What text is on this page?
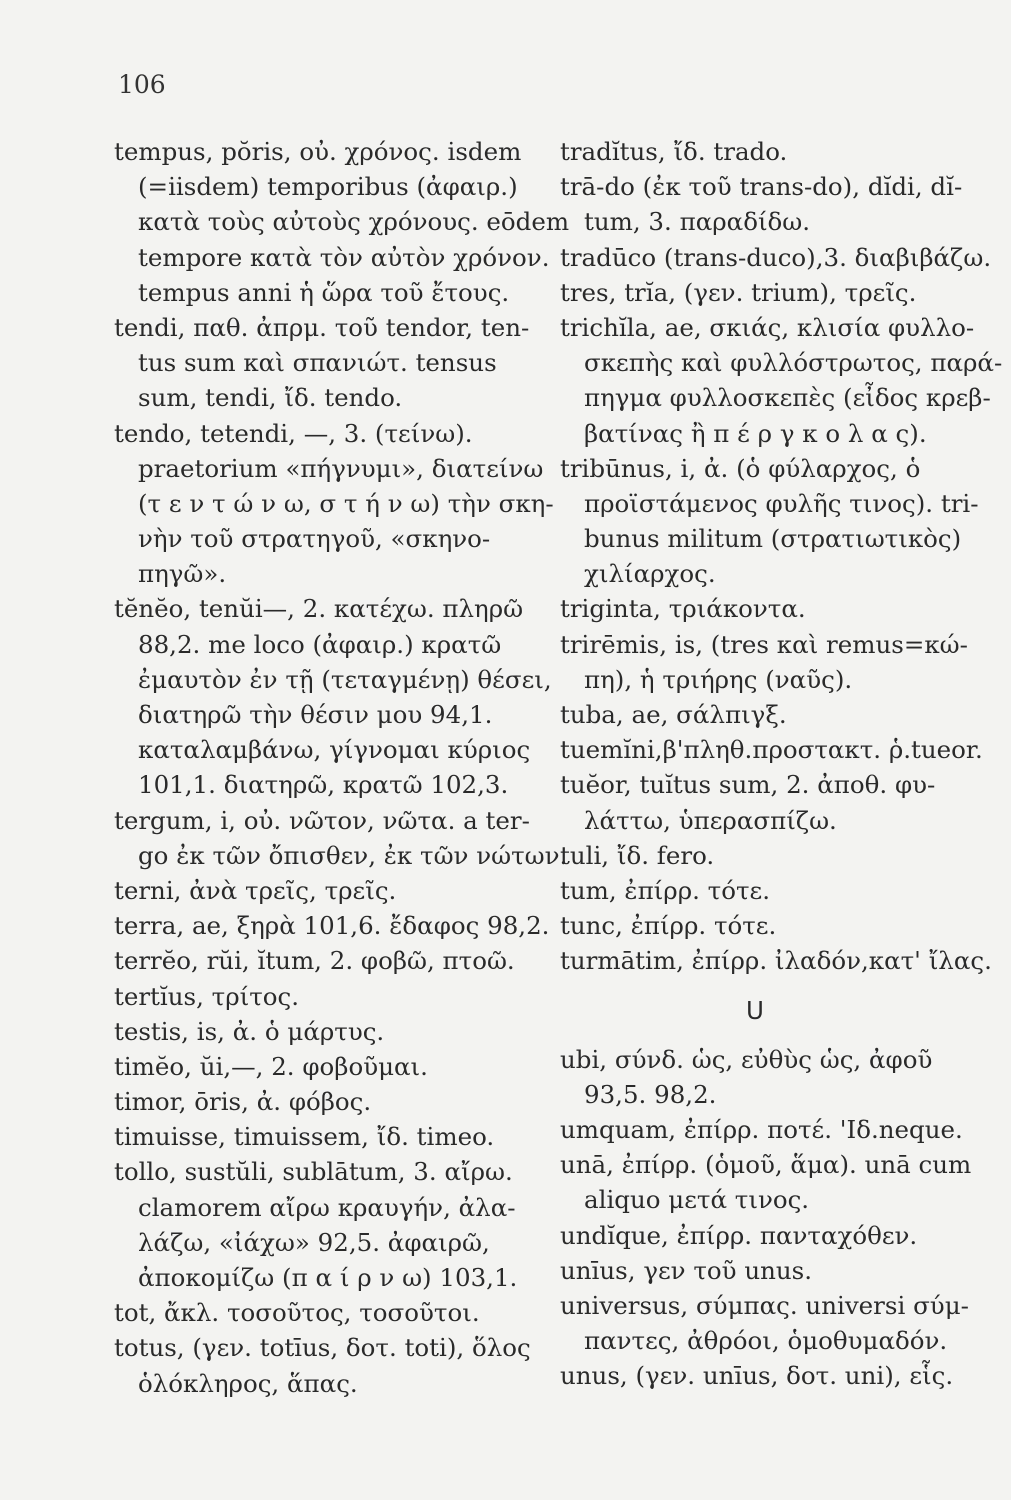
106
tempus, pŏris, οὐ. χρόνος. isdem
(=iisdem) temporibus (ἀφαιρ.)
κατὰ τοὺς αὐτοὺς χρόνους. eōdem
tempore κατὰ τὸν αὐτὸν χρόνον.
tempus anni ἡ ὥρα τοῦ ἔτους.
tendi, παθ. ἀπρμ. τοῦ tendor, ten-
tus sum καὶ σπανιώτ. tensus
sum, tendi, ἴδ. tendo.
tendo, tetendi, —, 3. (τείνω).
praetorium «πήγνυμι», διατείνω
(τ ε ν τ ώ ν ω, σ τ ή ν ω) τὴν σκη-
νὴν τοῦ στρατηγοῦ, «σκηνο-
πηγῶ».
tĕnĕo, tenŭi—, 2. κατέχω. πληρῶ
88,2. me loco (ἀφαιρ.) κρατῶ
ἐμαυτὸν ἐν τῇ (τεταγμένῃ) θέσει,
διατηρῶ τὴν θέσιν μου 94,1.
καταλαμβάνω, γίγνομαι κύριος
101,1. διατηρῶ, κρατῶ 102,3.
tergum, i, οὐ. νῶτον, νῶτα. a ter-
go ἐκ τῶν ὄπισθεν, ἐκ τῶν νώτων.
terni, ἀνὰ τρεῖς, τρεῖς.
terra, ae, ξηρὰ 101,6. ἔδαφος 98,2.
terrĕo, rŭi, ĭtum, 2. φοβῶ, πτοῶ.
tertĭus, τρίτος.
testis, is, ἀ. ὁ μάρτυς.
timĕo, ŭi,—, 2. φοβοῦμαι.
timor, ōris, ἀ. φόβος.
timuisse, timuissem, ἴδ. timeo.
tollo, sustŭli, sublātum, 3. αἴρω.
clamorem αἴρω κραυγήν, ἀλα-
λάζω, «ἰάχω» 92,5. ἀφαιρῶ,
ἀποκομίζω (π α ί ρ ν ω) 103,1.
tot, ἄκλ. τοσοῦτος, τοσοῦτοι.
totus, (γεν. totīus, δοτ. toti), ὅλος
ὁλόκληρος, ἅπας.
tradĭtus, ἴδ. trado.
trā-do (ἐκ τοῦ trans-do), dĭdi, dĭ-
tum, 3. παραδίδω.
tradūco (trans-duco),3. διαβιβάζω.
tres, trĭa, (γεν. trium), τρεῖς.
trichĭla, ae, σκιάς, κλισία φυλλο-
σκεπὴς καὶ φυλλόστρωτος, παρά-
πηγμα φυλλοσκεπὲς (εἶδος κρεβ-
βατίνας ἢ π έ ρ γ κ ο λ α ς).
tribūnus, i, ἀ. (ὁ φύλαρχος, ὁ
προϊστάμενος φυλῆς τινος). tri-
bunus militum (στρατιωτικὸς)
χιλίαρχος.
triginta, τριάκοντα.
trirēmis, is, (tres καὶ remus=κώ-
πη), ἡ τριήρης (ναῦς).
tuba, ae, σάλπιγξ.
tuemĭni,β'πληθ.προστακτ. ῥ.tueor.
tuĕor, tuĭtus sum, 2. ἀποθ. φυ-
λάττω, ὑπερασπίζω.
tuli, ἴδ. fero.
tum, ἐπίρρ. τότε.
tunc, ἐπίρρ. τότε.
turmātim, ἐπίρρ. ἰλαδόν,κατ' ἴλας.
U
ubi, σύνδ. ὡς, εὐθὺς ὡς, ἀφοῦ
93,5. 98,2.
umquam, ἐπίρρ. ποτέ. 'Ιδ.neque.
unā, ἐπίρρ. (ὁμοῦ, ἅμα). unā cum
aliquo μετά τινος.
undĭque, ἐπίρρ. πανταχόθεν.
unīus, γεν τοῦ unus.
universus, σύμπας. universi σύμ-
παντες, ἀθρόοι, ὁμοθυμαδόν.
unus, (γεν. unīus, δοτ. uni), εἷς.
